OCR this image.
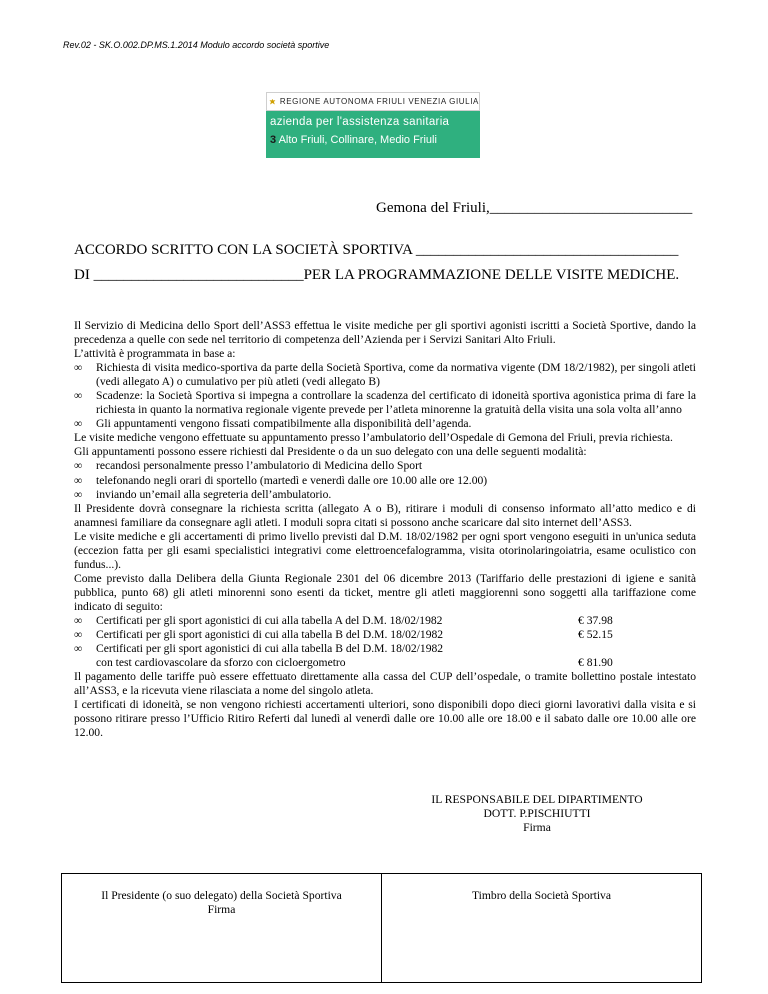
Rev.02 - SK.O.002.DP.MS.1.2014 Modulo accordo società sportive
REGIONE AUTONOMA FRIULI VENEZIA GIULIA
azienda per l'assistenza sanitaria
3 Alto Friuli, Collinare, Medio Friuli
Gemona del Friuli,___________________________
ACCORDO SCRITTO CON LA SOCIETÀ SPORTIVA ___________________________________
DI ____________________________PER LA PROGRAMMAZIONE DELLE VISITE MEDICHE.

Il Servizio di Medicina dello Sport dell’ASS3 effettua le visite mediche per gli sportivi agonisti iscritti a Società Sportive, dando la precedenza a quelle con sede nel territorio di competenza dell’Azienda per i Servizi Sanitari Alto Friuli.

L’attività è programmata in base a:

∞ Richiesta di visita medico-sportiva da parte della Società Sportiva, come da normativa vigente (DM 18/2/1982), per singoli atleti (vedi allegato A) o cumulativo per più atleti (vedi allegato B)
∞ Scadenze: la Società Sportiva si impegna a controllare la scadenza del certificato di idoneità sportiva agonistica prima di fare la richiesta in quanto la normativa regionale vigente prevede per l’atleta minorenne la gratuità della visita una sola volta all’anno
∞ Gli appuntamenti vengono fissati compatibilmente alla disponibilità dell’agenda.

Le visite mediche vengono effettuate su appuntamento presso l’ambulatorio dell’Ospedale di Gemona del Friuli, previa richiesta.

Gli appuntamenti possono essere richiesti dal Presidente o da un suo delegato con una delle seguenti modalità:

∞ recandosi personalmente presso l’ambulatorio di Medicina dello Sport
∞ telefonando negli orari di sportello (martedì e venerdì dalle ore 10.00 alle ore 12.00)
∞ inviando un’email alla segreteria dell’ambulatorio.

Il Presidente dovrà consegnare la richiesta scritta (allegato A o B), ritirare i moduli di consenso informato all’atto medico e di anamnesi familiare da consegnare agli atleti. I moduli sopra citati si possono anche scaricare dal sito internet dell’ASS3.

Le visite mediche e gli accertamenti di primo livello previsti dal D.M. 18/02/1982 per ogni sport vengono eseguiti in un'unica seduta (eccezion fatta per gli esami specialistici integrativi come elettroencefalogramma, visita otorinolaringoiatria, esame oculistico con fundus...).

Come previsto dalla Delibera della Giunta Regionale 2301 del 06 dicembre 2013 (Tariffario delle prestazioni di igiene e sanità pubblica, punto 68) gli atleti minorenni sono esenti da ticket, mentre gli atleti maggiorenni sono soggetti alla tariffazione come indicato di seguito:

∞ Certificati per gli sport agonistici di cui alla tabella A del D.M. 18/02/1982	€ 37.98
∞ Certificati per gli sport agonistici di cui alla tabella B del D.M. 18/02/1982	€ 52.15
∞ Certificati per gli sport agonistici di cui alla tabella B del D.M. 18/02/1982
con test cardiovascolare da sforzo con cicloergometro	€ 81.90

Il pagamento delle tariffe può essere effettuato direttamente alla cassa del CUP dell’ospedale, o tramite bollettino postale intestato all’ASS3, e la ricevuta viene rilasciata a nome del singolo atleta.

I certificati di idoneità, se non vengono richiesti accertamenti ulteriori, sono disponibili dopo dieci giorni lavorativi dalla visita e si possono ritirare presso l’Ufficio Ritiro Referti dal lunedì al venerdì dalle ore 10.00 alle ore 18.00 e il sabato dalle ore 10.00 alle ore 12.00.

IL RESPONSABILE DEL DIPARTIMENTO
DOTT. P.PISCHIUTTI
Firma
Il Presidente (o suo delegato) della Società Sportiva
Firma
Timbro della Società Sportiva
